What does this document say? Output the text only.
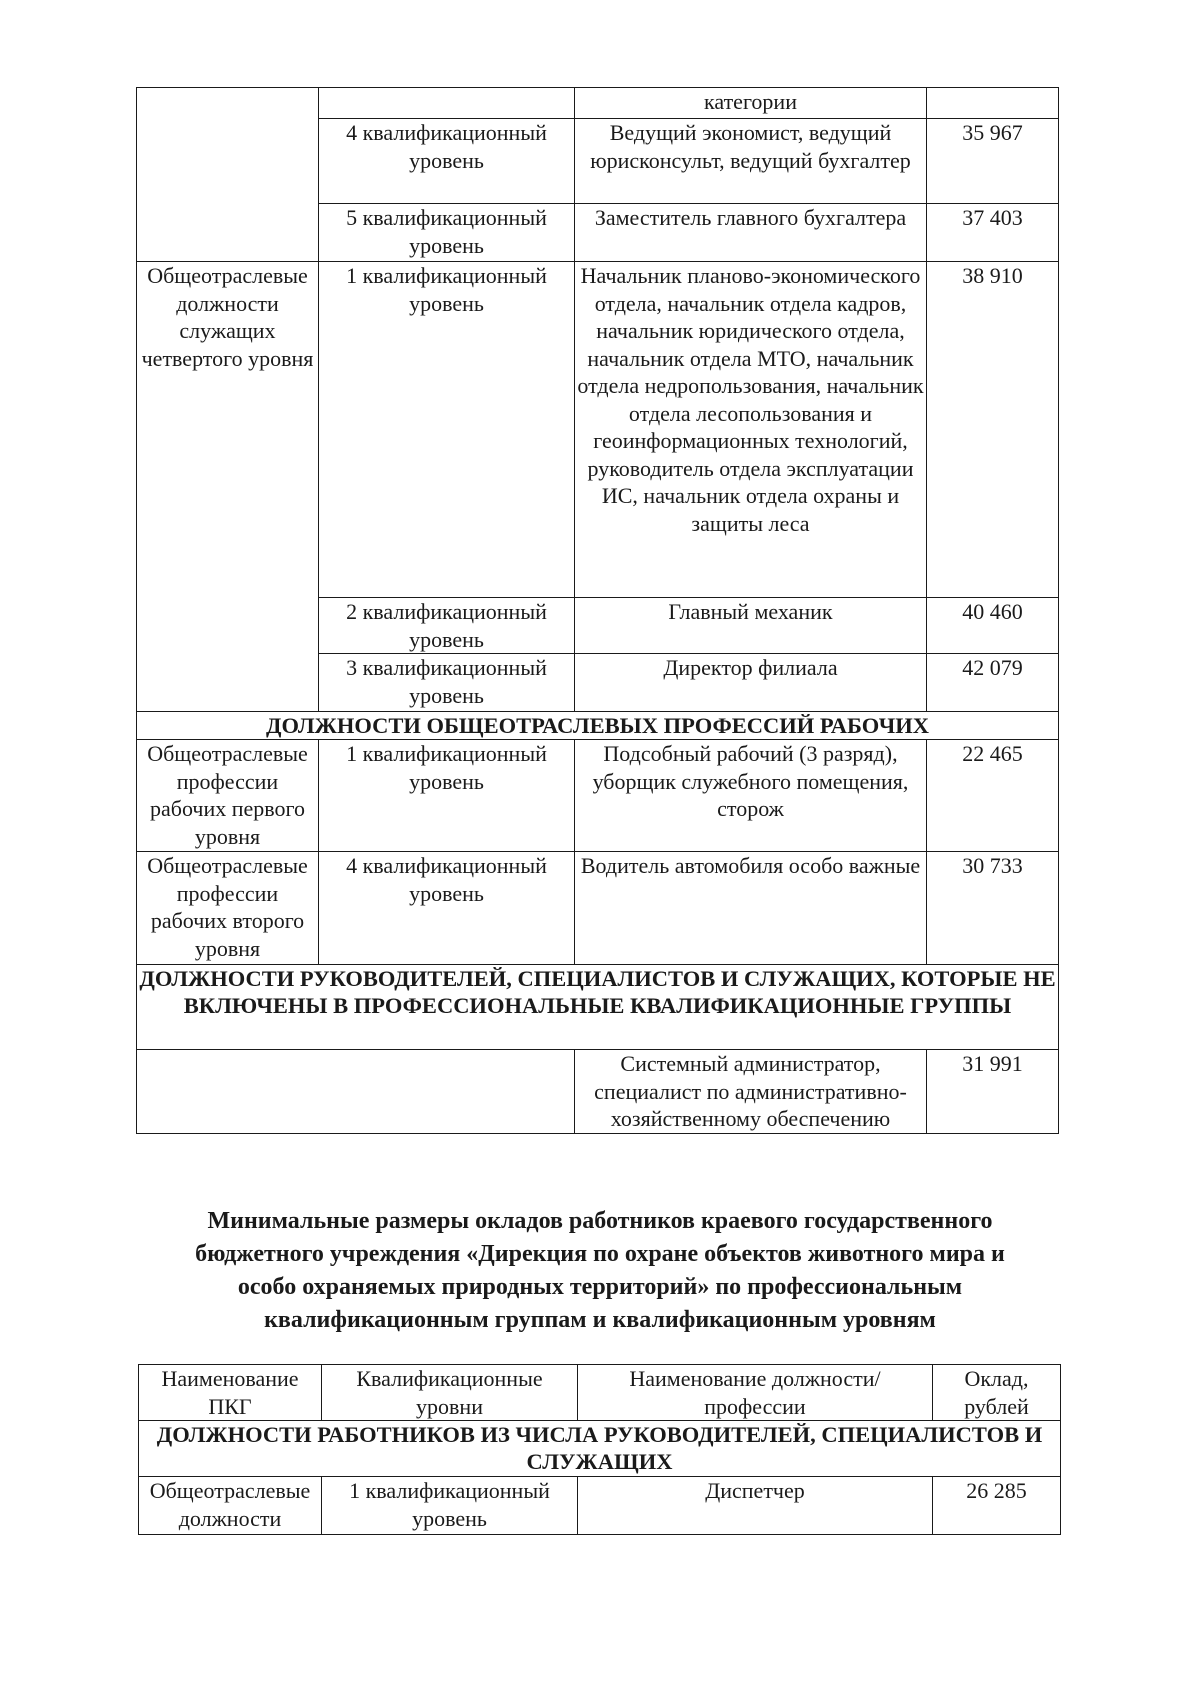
		категории	
	4 квалификационный уровень	Ведущий экономист, ведущий юрисконсульт, ведущий бухгалтер	35 967
	5 квалификационный уровень	Заместитель главного бухгалтера	37 403
Общеотраслевые должности служащих четвертого уровня	1 квалификационный уровень	Начальник планово-экономического отдела, начальник отдела кадров, начальник юридического отдела, начальник отдела МТО, начальник отдела недропользования, начальник отдела лесопользования и геоинформационных технологий, руководитель отдела эксплуатации ИС, начальник отдела охраны и защиты леса	38 910
	2 квалификационный уровень	Главный механик	40 460
	3 квалификационный уровень	Директор филиала	42 079
ДОЛЖНОСТИ ОБЩЕОТРАСЛЕВЫХ ПРОФЕССИЙ РАБОЧИХ			
Общеотраслевые профессии рабочих первого уровня	1 квалификационный уровень	Подсобный рабочий (3 разряд), уборщик служебного помещения, сторож	22 465
Общеотраслевые профессии рабочих второго уровня	4 квалификационный уровень	Водитель автомобиля особо важные	30 733
ДОЛЖНОСТИ РУКОВОДИТЕЛЕЙ, СПЕЦИАЛИСТОВ И СЛУЖАЩИХ, КОТОРЫЕ НЕ ВКЛЮЧЕНЫ В ПРОФЕССИОНАЛЬНЫЕ КВАЛИФИКАЦИОННЫЕ ГРУППЫ			
		Системный администратор, специалист по административно-хозяйственному обеспечению	31 991
Минимальные размеры окладов работников краевого государственного
бюджетного учреждения «Дирекция по охране объектов животного мира и
особо охраняемых природных территорий» по профессиональным
квалификационным группам и квалификационным уровням
Наименование ПКГ	Квалификационные уровни	Наименование должности/профессии	Оклад, рублей
ДОЛЖНОСТИ РАБОТНИКОВ ИЗ ЧИСЛА РУКОВОДИТЕЛЕЙ, СПЕЦИАЛИСТОВ И СЛУЖАЩИХ			
Общеотраслевые должности	1 квалификационный уровень	Диспетчер	26 285
